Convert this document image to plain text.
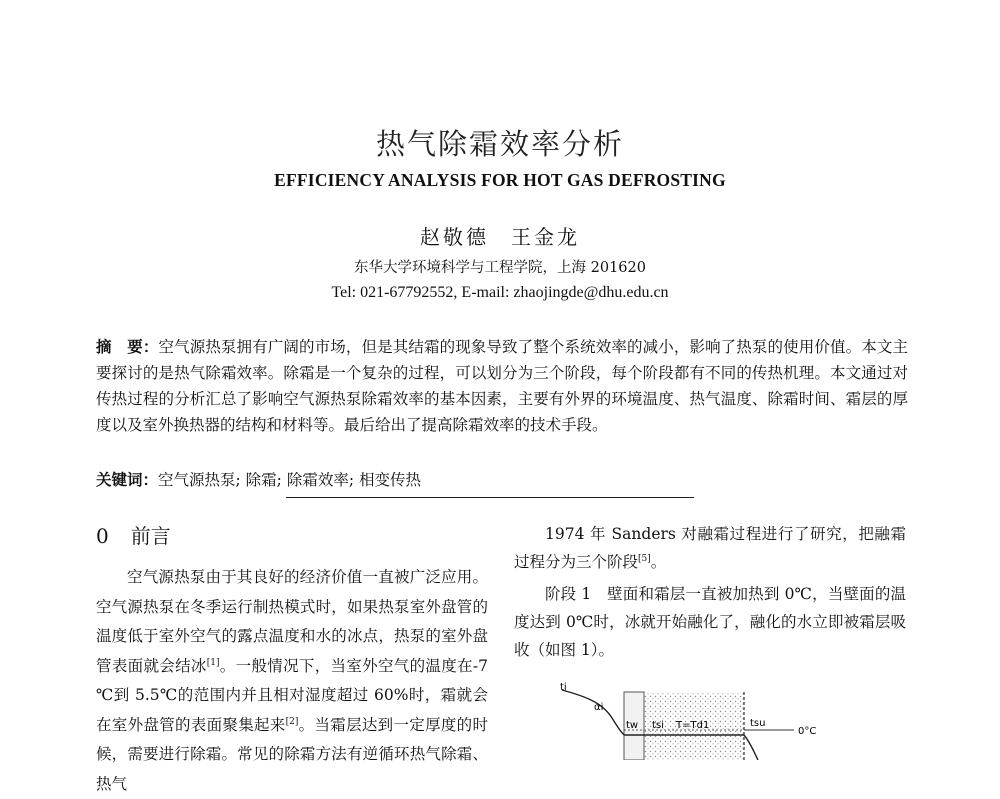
热气除霜效率分析
EFFICIENCY ANALYSIS FOR HOT GAS DEFROSTING
赵敬德 王金龙
东华大学环境科学与工程学院，上海 201620
Tel: 021-67792552, E-mail: zhaojingde@dhu.edu.cn
摘　要：空气源热泵拥有广阔的市场，但是其结霜的现象导致了整个系统效率的减小，影响了热泵的使用价值。本文主要探讨的是热气除霜效率。除霜是一个复杂的过程，可以划分为三个阶段，每个阶段都有不同的传热机理。本文通过对传热过程的分析汇总了影响空气源热泵除霜效率的基本因素，主要有外界的环境温度、热气温度、除霜时间、霜层的厚度以及室外换热器的结构和材料等。最后给出了提高除霜效率的技术手段。
关键词：空气源热泵; 除霜; 除霜效率; 相变传热
0 前言

空气源热泵由于其良好的经济价值一直被广泛应用。空气源热泵在冬季运行制热模式时，如果热泵室外盘管的温度低于室外空气的露点温度和水的冰点，热泵的室外盘管表面就会结冰[1]。一般情况下，当室外空气的温度在-7 ℃到 5.5℃的范围内并且相对湿度超过 60%时，霜就会在室外盘管的表面聚集起来[2]。当霜层达到一定厚度的时候，需要进行除霜。常见的除霜方法有逆循环热气除霜、热气

1974 年 Sanders 对融霜过程进行了研究，把融霜过程分为三个阶段[5]。

阶段 1　壁面和霜层一直被加热到 0℃，当壁面的温度达到 0℃时，冰就开始融化了，融化的水立即被霜层吸收（如图 1）。

ti
αi
tw tsi T=Td1	tsu
0°C
